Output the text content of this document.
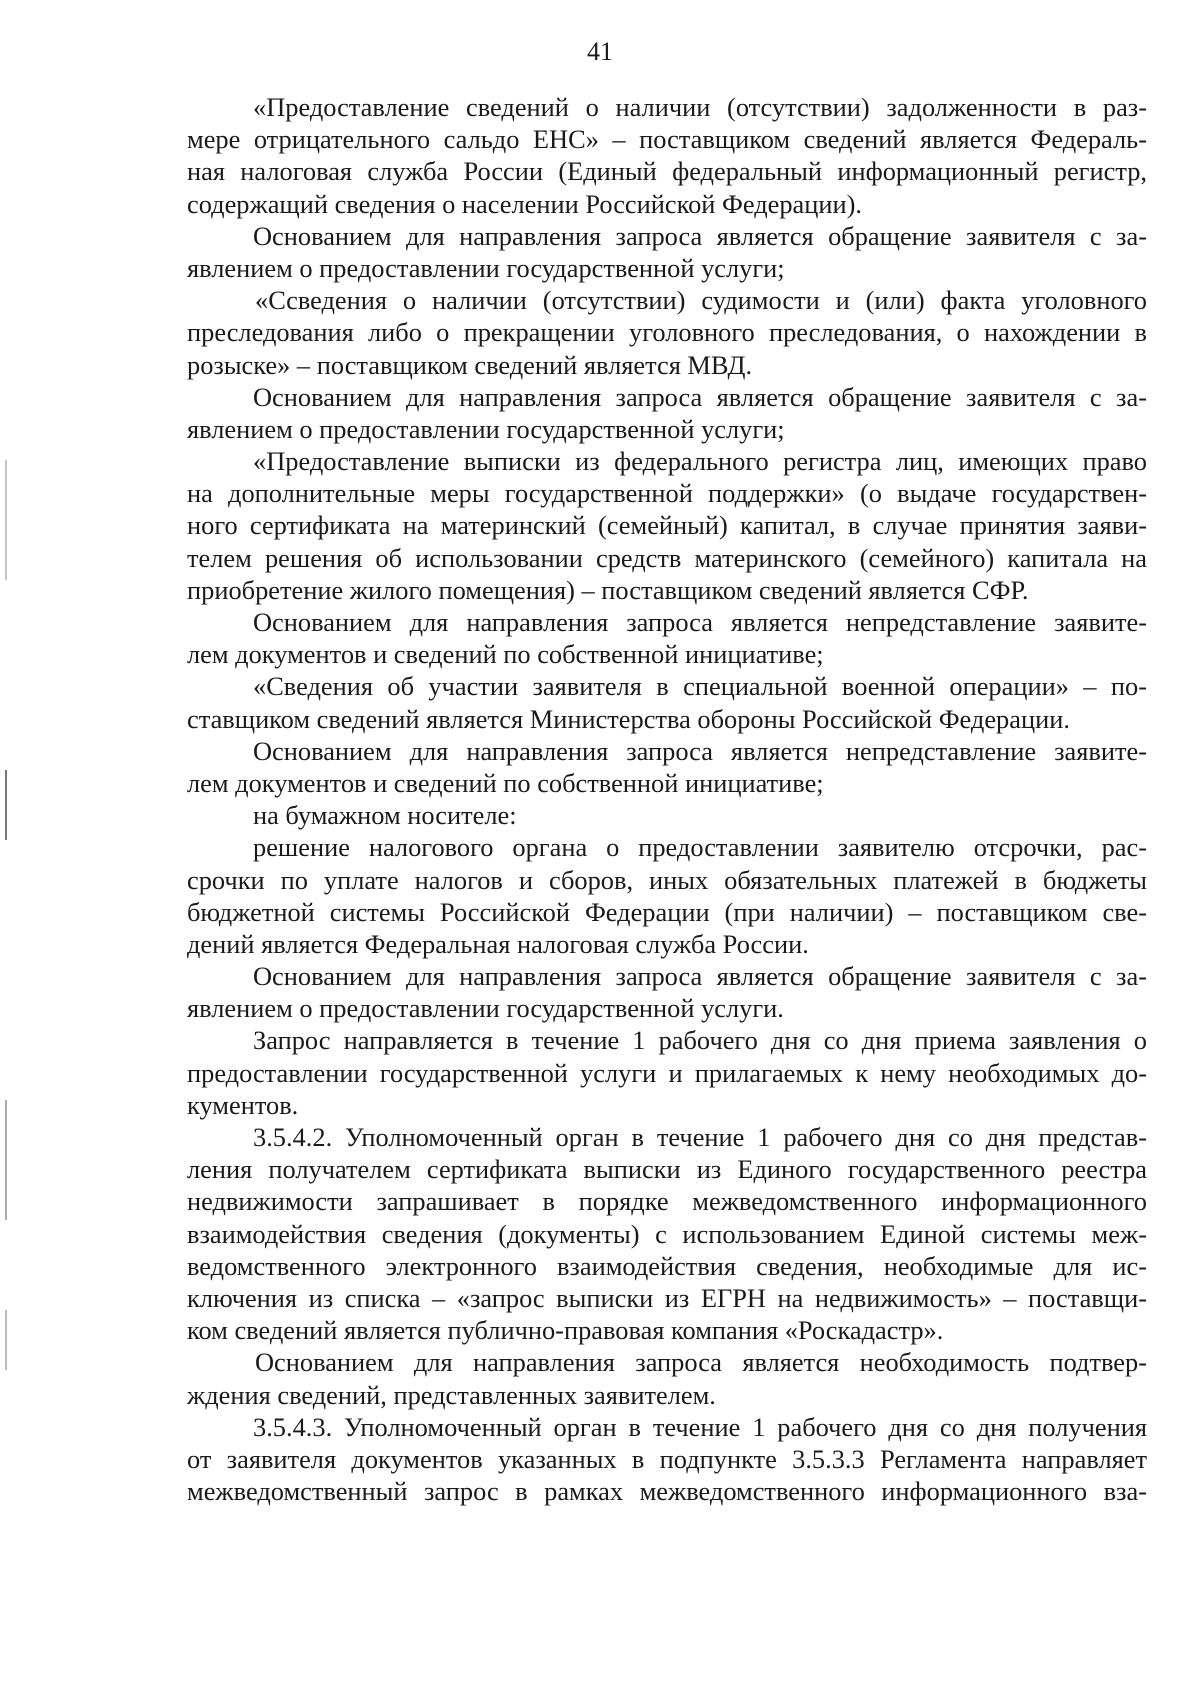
41
«Предоставление сведений о наличии (отсутствии) задолженности в раз-
мере отрицательного сальдо ЕНС» – поставщиком сведений является Федераль-
ная налоговая служба России (Единый федеральный информационный регистр,
содержащий сведения о населении Российской Федерации).
Основанием для направления запроса является обращение заявителя с за-
явлением о предоставлении государственной услуги;
«Ссведения о наличии (отсутствии) судимости и (или) факта уголовного
преследования либо о прекращении уголовного преследования, о нахождении в
розыске» – поставщиком сведений является МВД.
Основанием для направления запроса является обращение заявителя с за-
явлением о предоставлении государственной услуги;
«Предоставление выписки из федерального регистра лиц, имеющих право
на дополнительные меры государственной поддержки» (о выдаче государствен-
ного сертификата на материнский (семейный) капитал, в случае принятия заяви-
телем решения об использовании средств материнского (семейного) капитала на
приобретение жилого помещения) – поставщиком сведений является СФР.
Основанием для направления запроса является непредставление заявите-
лем документов и сведений по собственной инициативе;
«Сведения об участии заявителя в специальной военной операции» – по-
ставщиком сведений является Министерства обороны Российской Федерации.
Основанием для направления запроса является непредставление заявите-
лем документов и сведений по собственной инициативе;
на бумажном носителе:
решение налогового органа о предоставлении заявителю отсрочки, рас-
срочки по уплате налогов и сборов, иных обязательных платежей в бюджеты
бюджетной системы Российской Федерации (при наличии) – поставщиком све-
дений является Федеральная налоговая служба России.
Основанием для направления запроса является обращение заявителя с за-
явлением о предоставлении государственной услуги.
Запрос направляется в течение 1 рабочего дня со дня приема заявления о
предоставлении государственной услуги и прилагаемых к нему необходимых до-
кументов.
3.5.4.2. Уполномоченный орган в течение 1 рабочего дня со дня представ-
ления получателем сертификата выписки из Единого государственного реестра
недвижимости запрашивает в порядке межведомственного информационного
взаимодействия сведения (документы) с использованием Единой системы меж-
ведомственного электронного взаимодействия сведения, необходимые для ис-
ключения из списка – «запрос выписки из ЕГРН на недвижимость» – поставщи-
ком сведений является публично-правовая компания «Роскадастр».
Основанием для направления запроса является необходимость подтвер-
ждения сведений, представленных заявителем.
3.5.4.3. Уполномоченный орган в течение 1 рабочего дня со дня получения
от заявителя документов указанных в подпункте 3.5.3.3 Регламента направляет
межведомственный запрос в рамках межведомственного информационного вза-
